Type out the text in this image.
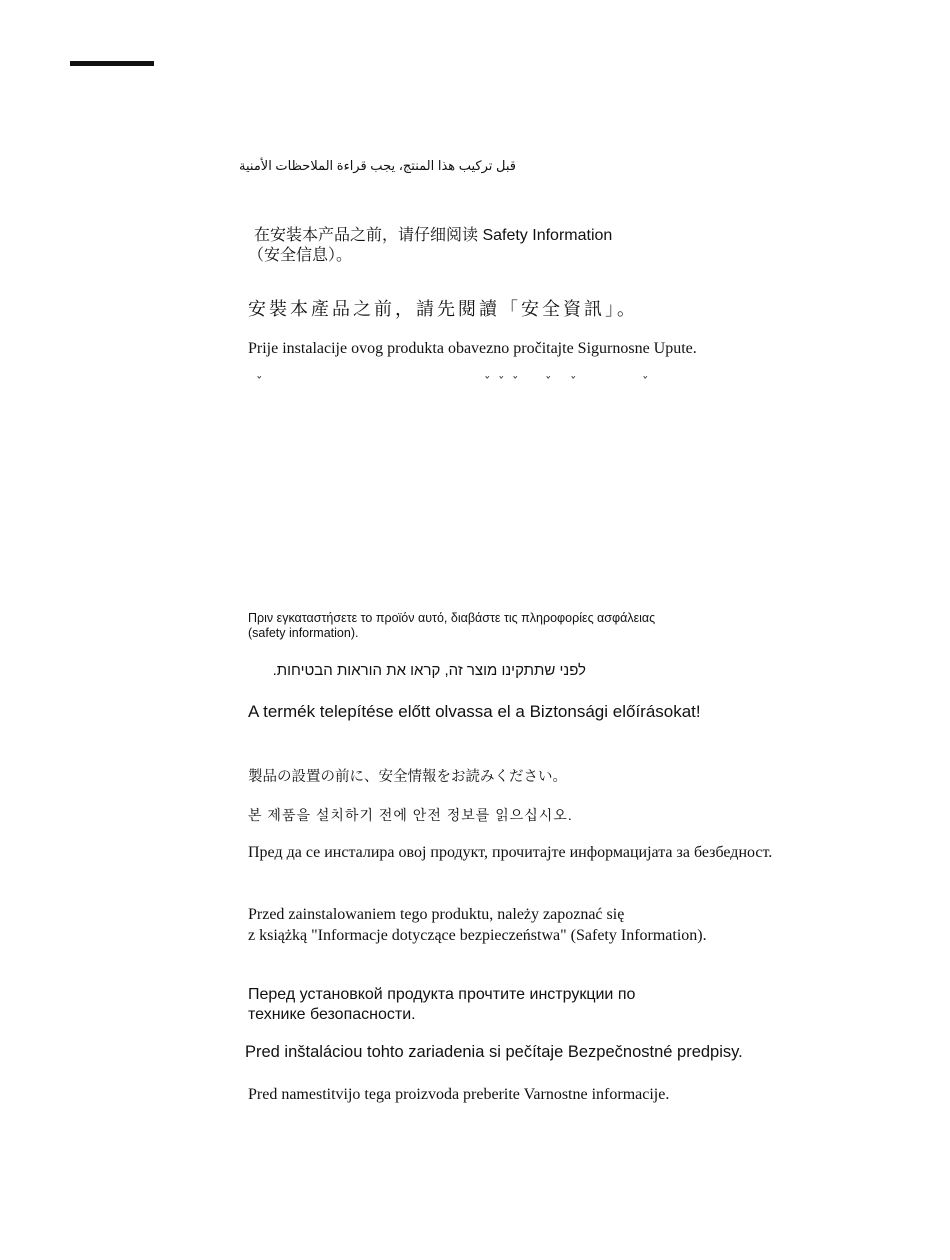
قبل تركيب هذا المنتج، يجب قراءة الملاحظات الأمنية
在安装本产品之前，请仔细阅读 Safety Information
（安全信息）。
安裝本產品之前，請先閱讀「安全資訊」。
Prije instalacije ovog produkta obavezno pročitajte Sigurnosne Upute.
ˇ	ˇ ˇ ˇ ˇ ˇ	ˇ
Πριν εγκαταστήσετε το προϊόν αυτό, διαβάστε τις πληροφορίες ασφάλειας
(safety information).
לפני שתתקינו מוצר זה, קראו את הוראות הבטיחות.
A termék telepítése előtt olvassa el a Biztonsági előírásokat!
製品の設置の前に、安全情報をお読みください。
본 제품을 설치하기 전에 안전 정보를 읽으십시오.
Пред да се инсталира овој продукт, прочитајте информацијата за безбедност.
Przed zainstalowaniem tego produktu, należy zapoznać się
z książką "Informacje dotyczące bezpieczeństwa" (Safety Information).
Перед установкой продукта прочтите инструкции по
технике безопасности.
Pred inštaláciou tohto zariadenia si pečítaje Bezpečnostné predpisy.
Pred namestitvijo tega proizvoda preberite Varnostne informacije.
